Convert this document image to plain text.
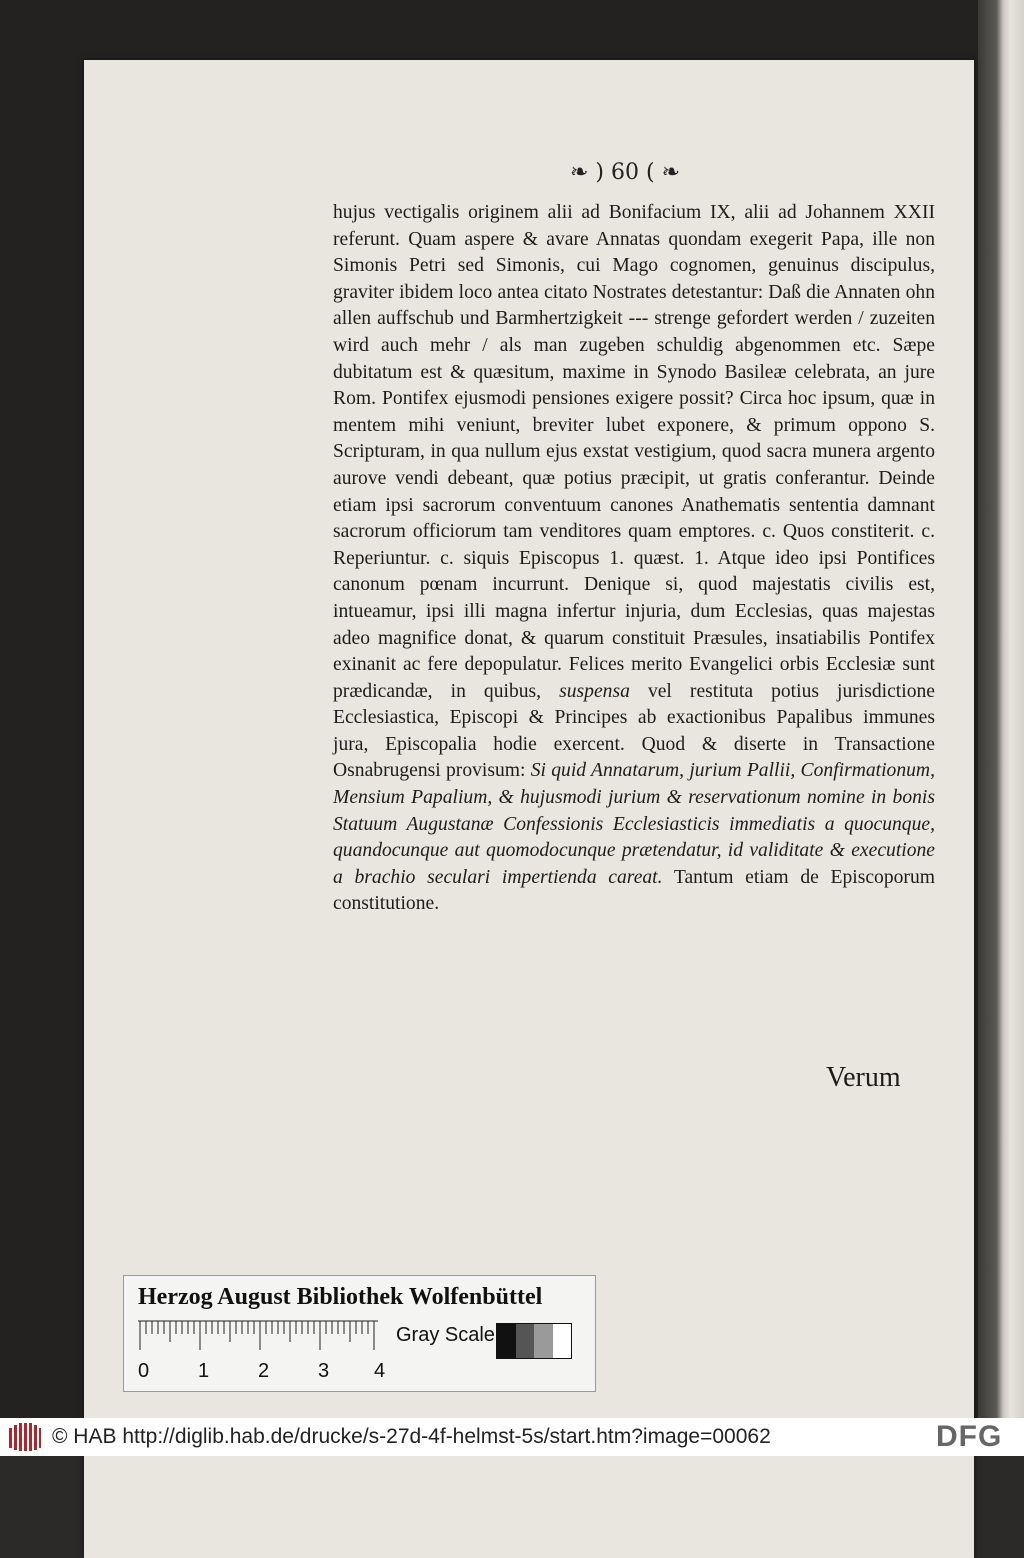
❧ ) 60 ( ❧
hujus vectigalis originem alii ad Bonifacium IX, alii ad Johannem XXII referunt. Quam aspere & avare Annatas quondam exegerit Papa, ille non Simonis Petri sed Simonis, cui Mago cognomen, genuinus discipulus, graviter ibidem loco antea citato Nostrates detestantur: Daß die Annaten ohn allen auffschub und Barmhertzigkeit --- strenge gefordert werden / zuzeiten wird auch mehr / als man zugeben schuldig abgenommen etc. Sæpe dubitatum est & quæsitum, maxime in Synodo Basileæ celebrata, an jure Rom. Pontifex ejusmodi pensiones exigere possit? Circa hoc ipsum, quæ in mentem mihi veniunt, breviter lubet exponere, & primum oppono S. Scripturam, in qua nullum ejus exstat vestigium, quod sacra munera argento aurove vendi debeant, quæ potius præcipit, ut gratis conferantur. Deinde etiam ipsi sacrorum conventuum canones Anathematis sententia damnant sacrorum officiorum tam venditores quam emptores. c. Quos constiterit. c. Reperiuntur. c. siquis Episcopus 1. quæst. 1. Atque ideo ipsi Pontifices canonum pœnam incurrunt. Denique si, quod majestatis civilis est, intueamur, ipsi illi magna infertur injuria, dum Ecclesias, quas majestas adeo magnifice donat, & quarum constituit Præsules, insatiabilis Pontifex exinanit ac fere depopulatur. Felices merito Evangelici orbis Ecclesiæ sunt prædicandæ, in quibus, suspensa vel restituta potius jurisdictione Ecclesiastica, Episcopi & Principes ab exactionibus Papalibus immunes jura, Episcopalia hodie exercent. Quod & diserte in Transactione Osnabrugensi provisum: Si quid Annatarum, jurium Pallii, Confirmationum, Mensium Papalium, & hujusmodi jurium & reservationum nomine in bonis Statuum Augustanæ Confessionis Ecclesiasticis immediatis a quocunque, quandocunque aut quomodocunque prætendatur, id validitate & executione a brachio seculari impertienda careat. Tantum etiam de Episcoporum constitutione.
Verum
Herzog August Bibliothek Wolfenbüttel
0 1 2 3 4
Gray Scale
© HAB http://diglib.hab.de/drucke/s-27d-4f-helmst-5s/start.htm?image=00062	DFG
